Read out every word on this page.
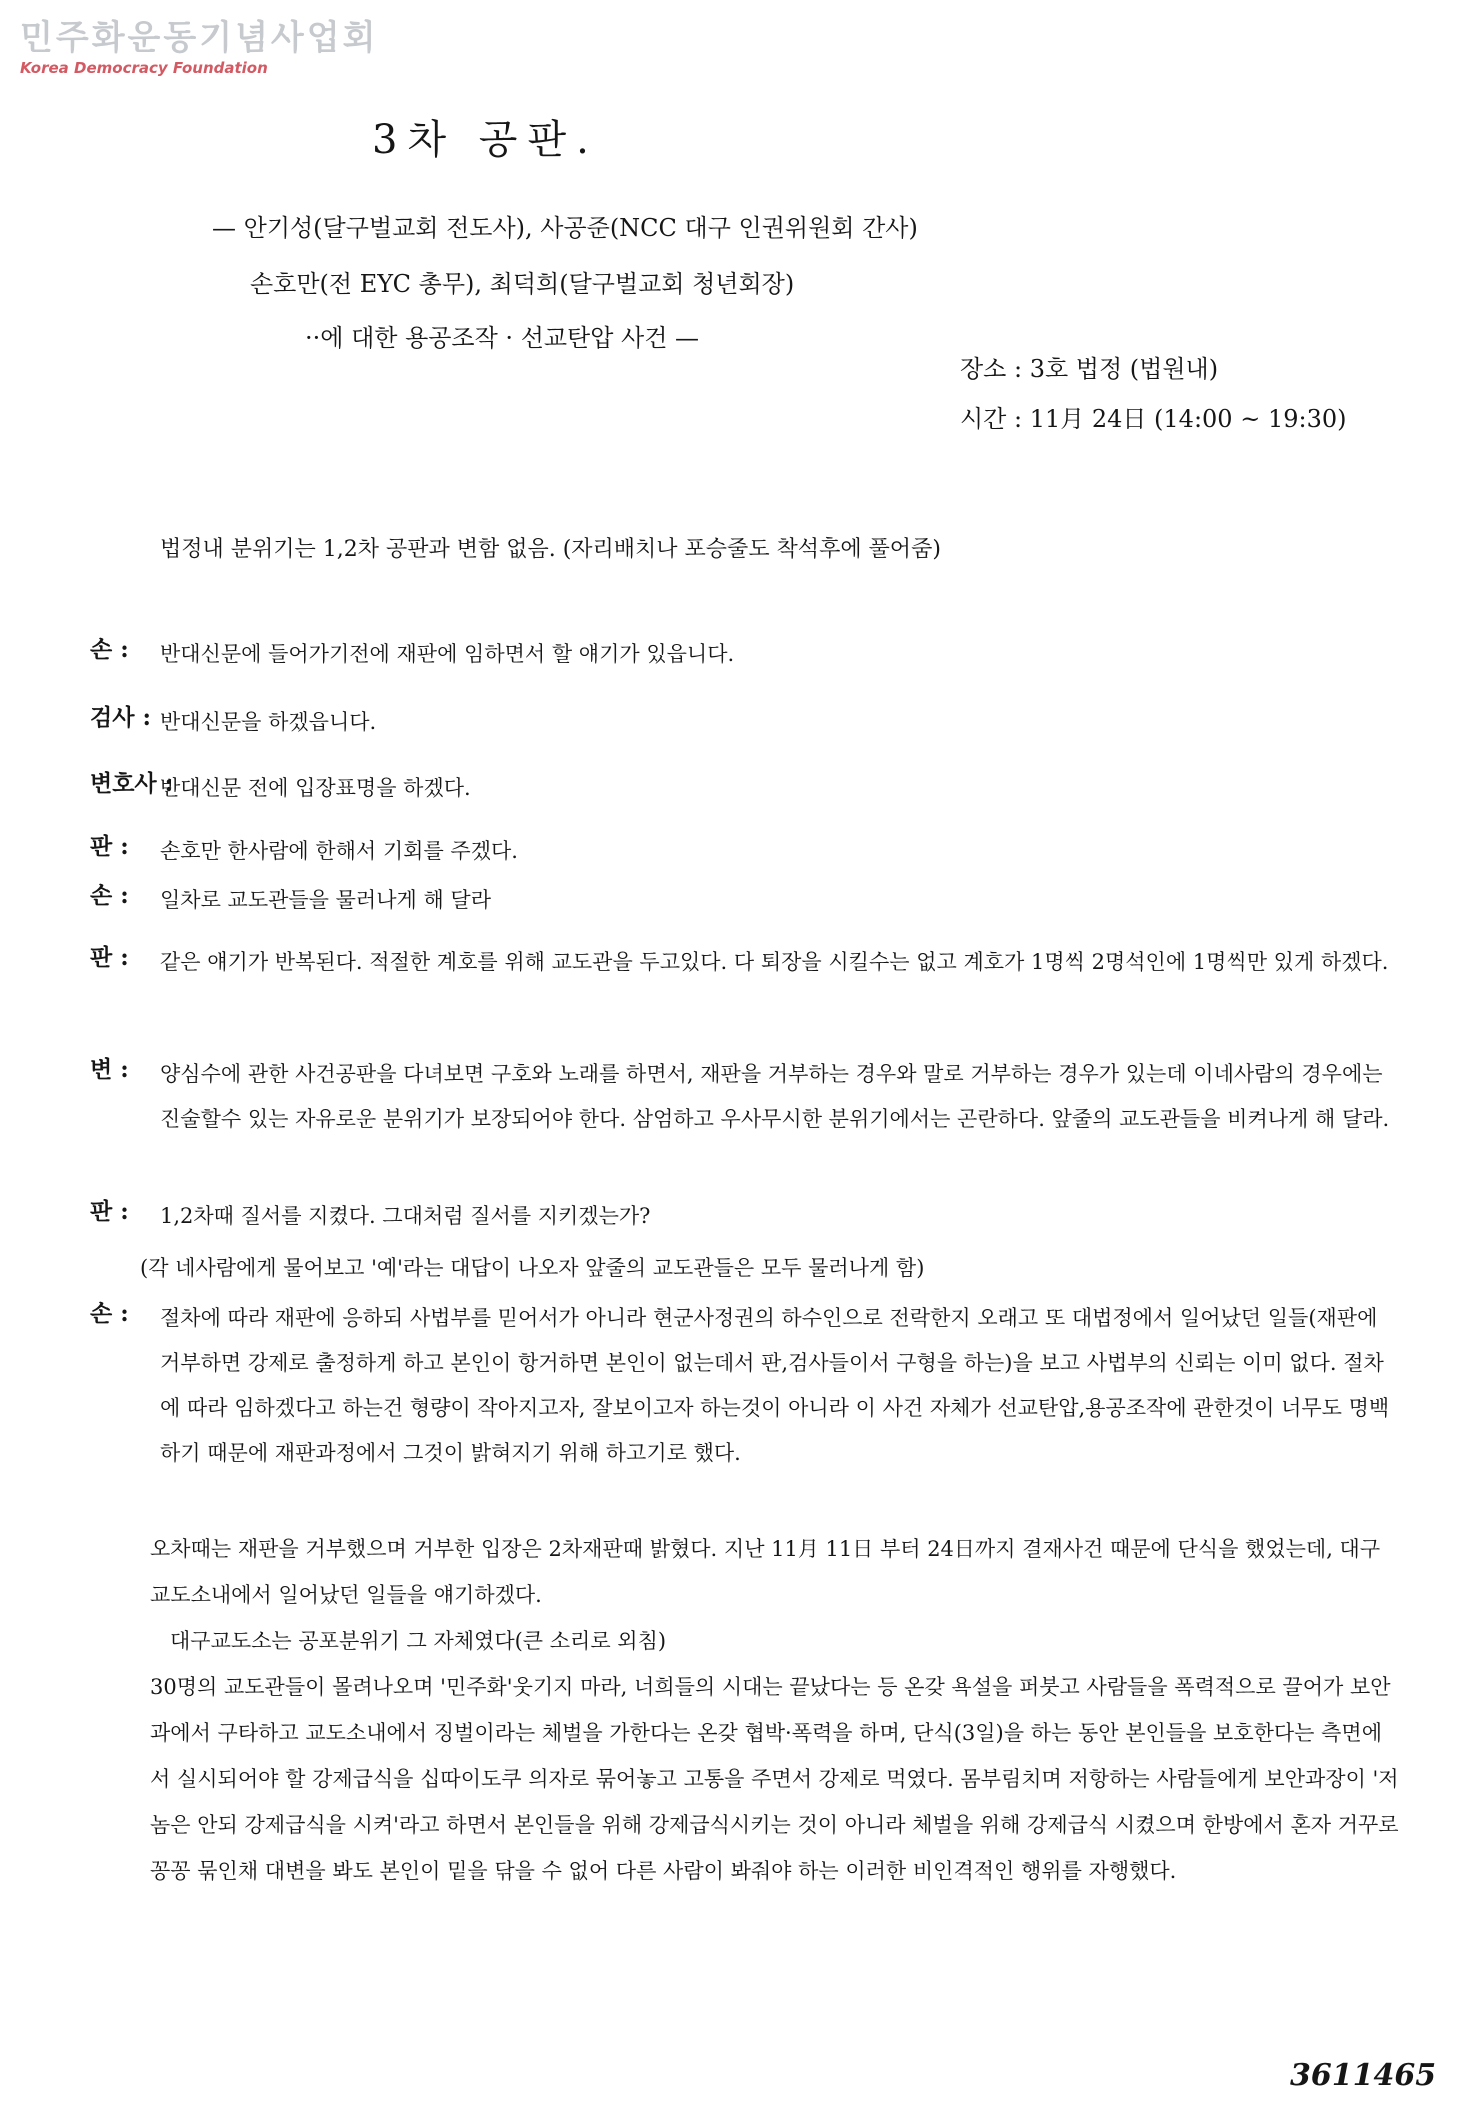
민주화운동기념사업회
Korea Democracy Foundation
3차 공판.
— 안기성(달구벌교회 전도사), 사공준(NCC 대구 인권위원회 간사)
손호만(전 EYC 총무), 최덕희(달구벌교회 청년회장)
··에 대한 용공조작 · 선교탄압 사건 —
장소 : 3호 법정 (법원내)
시간 : 11月 24日 (14:00 ~ 19:30)
법정내 분위기는 1,2차 공판과 변함 없음. (자리배치나 포승줄도 착석후에 풀어줌)
손 :	반대신문에 들어가기전에 재판에 임하면서 할 얘기가 있읍니다.
검사 : 반대신문을 하겠읍니다.
변호사 :
반대신문 전에 입장표명을 하겠다.
판 :	손호만 한사람에 한해서 기회를 주겠다.
손 :	일차로 교도관들을 물러나게 해 달라
판 :	같은 얘기가 반복된다. 적절한 계호를 위해 교도관을 두고있다. 다 퇴장을 시킬수는 없고 계호가 1명씩 2명석인에 1명씩만 있게 하겠다.
변 :	양심수에 관한 사건공판을 다녀보면 구호와 노래를 하면서, 재판을 거부하는 경우와 말로 거부하는 경우가 있는데 이네사람의 경우에는 진술할수 있는 자유로운 분위기가 보장되어야 한다. 삼엄하고 우사무시한 분위기에서는 곤란하다. 앞줄의 교도관들을 비켜나게 해 달라.
판 :	1,2차때 질서를 지켰다. 그대처럼 질서를 지키겠는가?
(각 네사람에게 물어보고 '예'라는 대답이 나오자 앞줄의 교도관들은 모두 물러나게 함)
손 :	절차에 따라 재판에 응하되 사법부를 믿어서가 아니라 현군사정권의 하수인으로 전락한지 오래고 또 대법정에서 일어났던 일들(재판에 거부하면 강제로 출정하게 하고 본인이 항거하면 본인이 없는데서 판,검사들이서 구형을 하는)을 보고 사법부의 신뢰는 이미 없다. 절차에 따라 임하겠다고 하는건 형량이 작아지고자, 잘보이고자 하는것이 아니라 이 사건 자체가 선교탄압,용공조작에 관한것이 너무도 명백하기 때문에 재판과정에서 그것이 밝혀지기 위해 하고기로 했다.
오차때는 재판을 거부했으며 거부한 입장은 2차재판때 밝혔다. 지난 11月 11日 부터 24日까지 결재사건 때문에 단식을 했었는데, 대구교도소내에서 일어났던 일들을 얘기하겠다.
대구교도소는 공포분위기 그 자체였다(큰 소리로 외침)
30명의 교도관들이 몰려나오며 '민주화'웃기지 마라, 너희들의 시대는 끝났다는 등 온갖 욕설을 퍼붓고 사람들을 폭력적으로 끌어가 보안과에서 구타하고 교도소내에서 징벌이라는 체벌을 가한다는 온갖 협박·폭력을 하며, 단식(3일)을 하는 동안 본인들을 보호한다는 측면에서 실시되어야 할 강제급식을 십따이도쿠 의자로 묶어놓고 고통을 주면서 강제로 먹였다. 몸부림치며 저항하는 사람들에게 보안과장이 '저놈은 안되 강제급식을 시켜'라고 하면서 본인들을 위해 강제급식시키는 것이 아니라 체벌을 위해 강제급식 시켰으며 한방에서 혼자 거꾸로 꽁꽁 묶인채 대변을 봐도 본인이 밑을 닦을 수 없어 다른 사람이 봐줘야 하는 이러한 비인격적인 행위를 자행했다.
3611465
